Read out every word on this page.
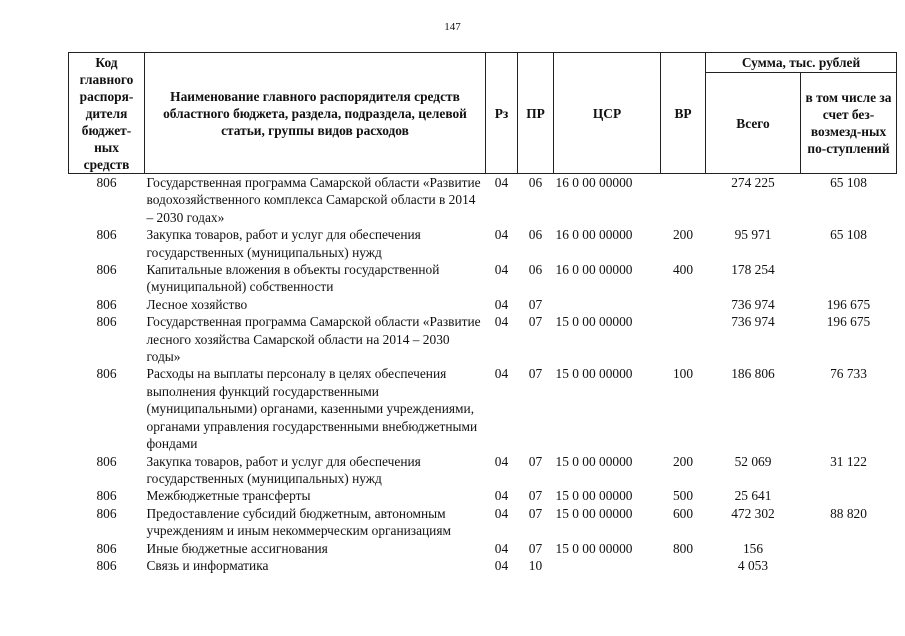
147
Код главного распоря-дителя бюджет-ных средств	Наименование главного распорядителя средств областного бюджета, раздела, подраздела, целевой статьи, группы видов расходов	Рз	ПР	ЦСР	ВР	Сумма, тыс. рублей	
						Всего	в том числе за счет без-возмезд-ных по-ступлений
806	Государственная программа Самарской области «Развитие водохозяйственного комплекса Самарской области в 2014 – 2030 годах»	04	06	16 0 00 00000		274 225	65 108
806	Закупка товаров, работ и услуг для обеспечения государственных (муниципальных) нужд	04	06	16 0 00 00000	200	95 971	65 108
806	Капитальные вложения в объекты государственной (муниципальной) собственности	04	06	16 0 00 00000	400	178 254	
806	Лесное хозяйство	04	07			736 974	196 675
806	Государственная программа Самарской области «Развитие лесного хозяйства Самарской области на 2014 – 2030 годы»	04	07	15 0 00 00000		736 974	196 675
806	Расходы на выплаты персоналу в целях обеспечения выполнения функций государственными (муниципальными) органами, казенными учреждениями, органами управления государственными внебюджетными фондами	04	07	15 0 00 00000	100	186 806	76 733
806	Закупка товаров, работ и услуг для обеспечения государственных (муниципальных) нужд	04	07	15 0 00 00000	200	52 069	31 122
806	Межбюджетные трансферты	04	07	15 0 00 00000	500	25 641	
806	Предоставление субсидий бюджетным, автономным учреждениям и иным некоммерческим организациям	04	07	15 0 00 00000	600	472 302	88 820
806	Иные бюджетные ассигнования	04	07	15 0 00 00000	800	156	
806	Связь и информатика	04	10			4 053	
